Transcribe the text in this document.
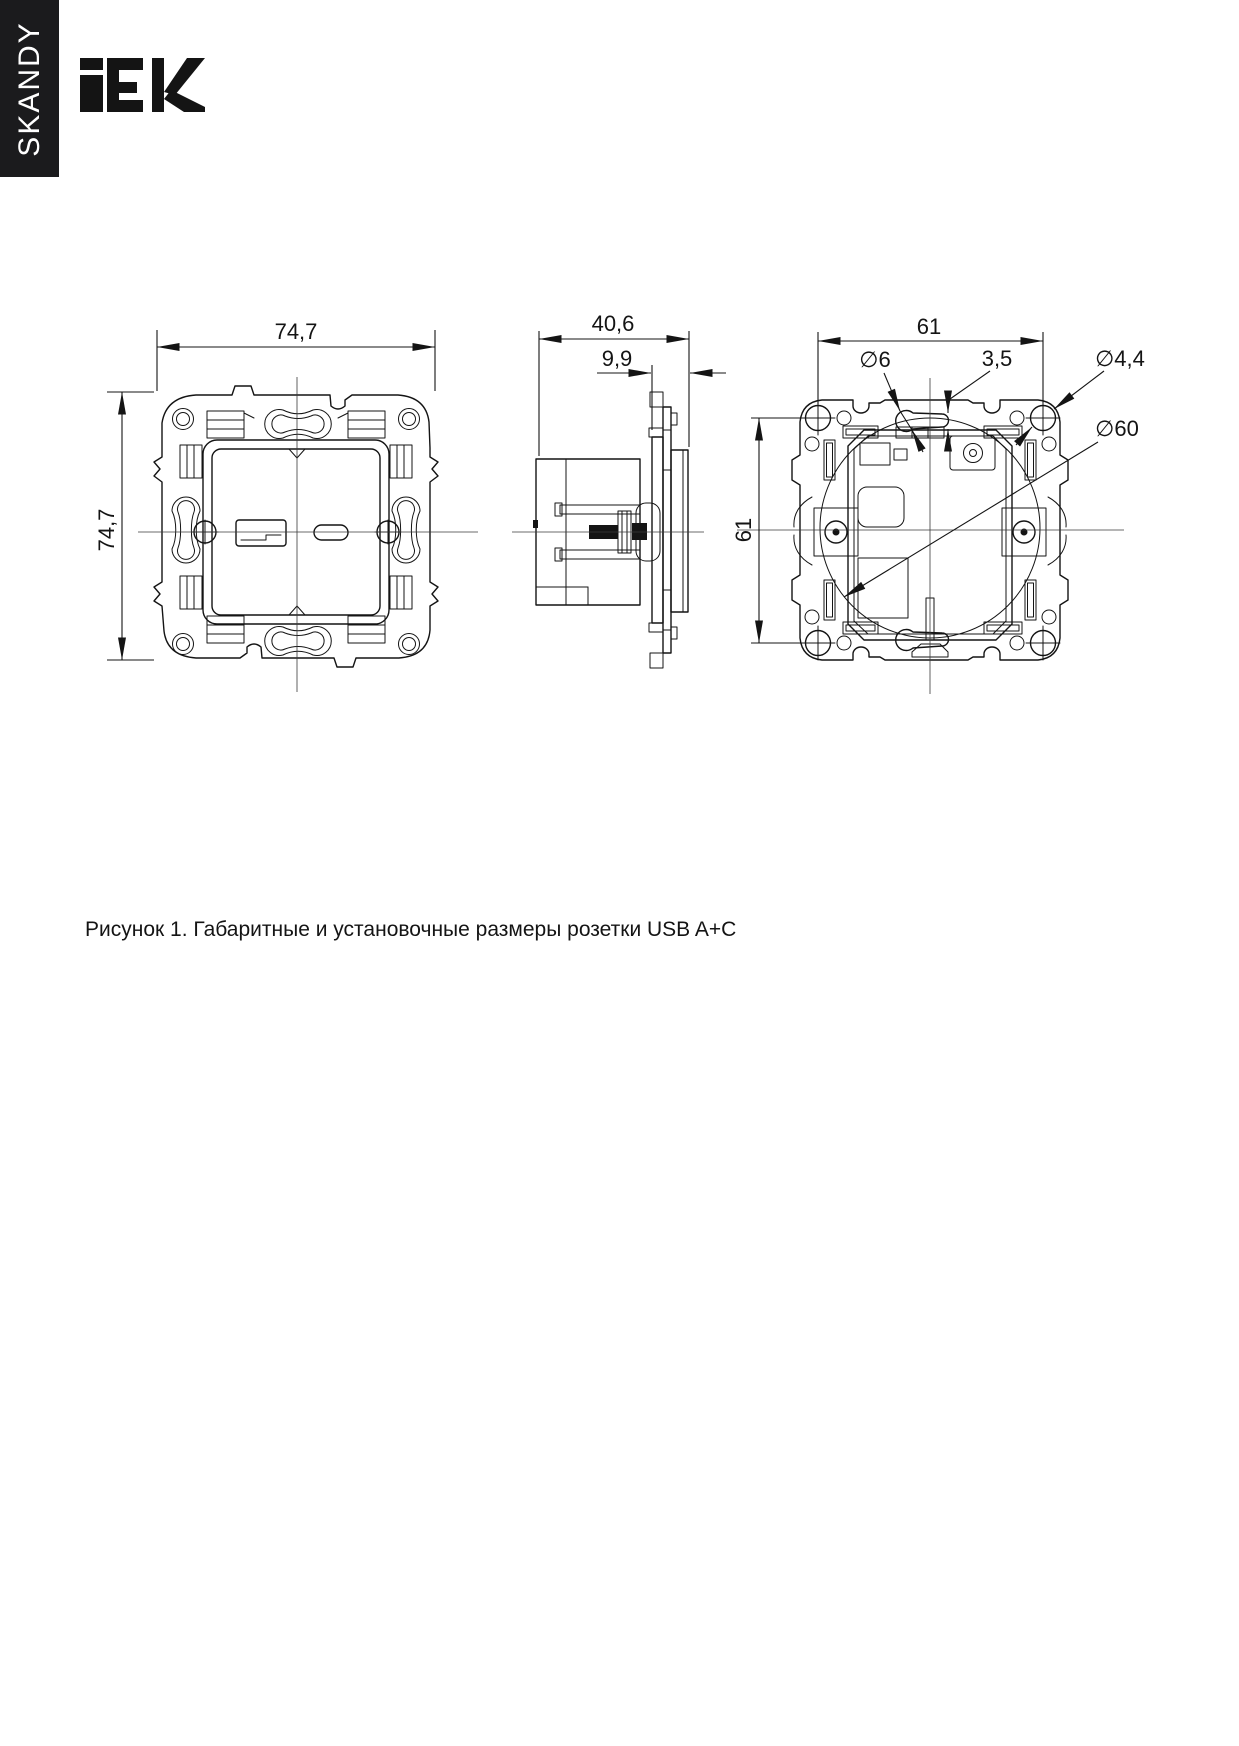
SKANDY
74,7
74,7
40,6
9,9
61
61
∅6	3,5	∅4,4
∅60
Рисунок 1. Габаритные и установочные размеры розетки USB A+C
